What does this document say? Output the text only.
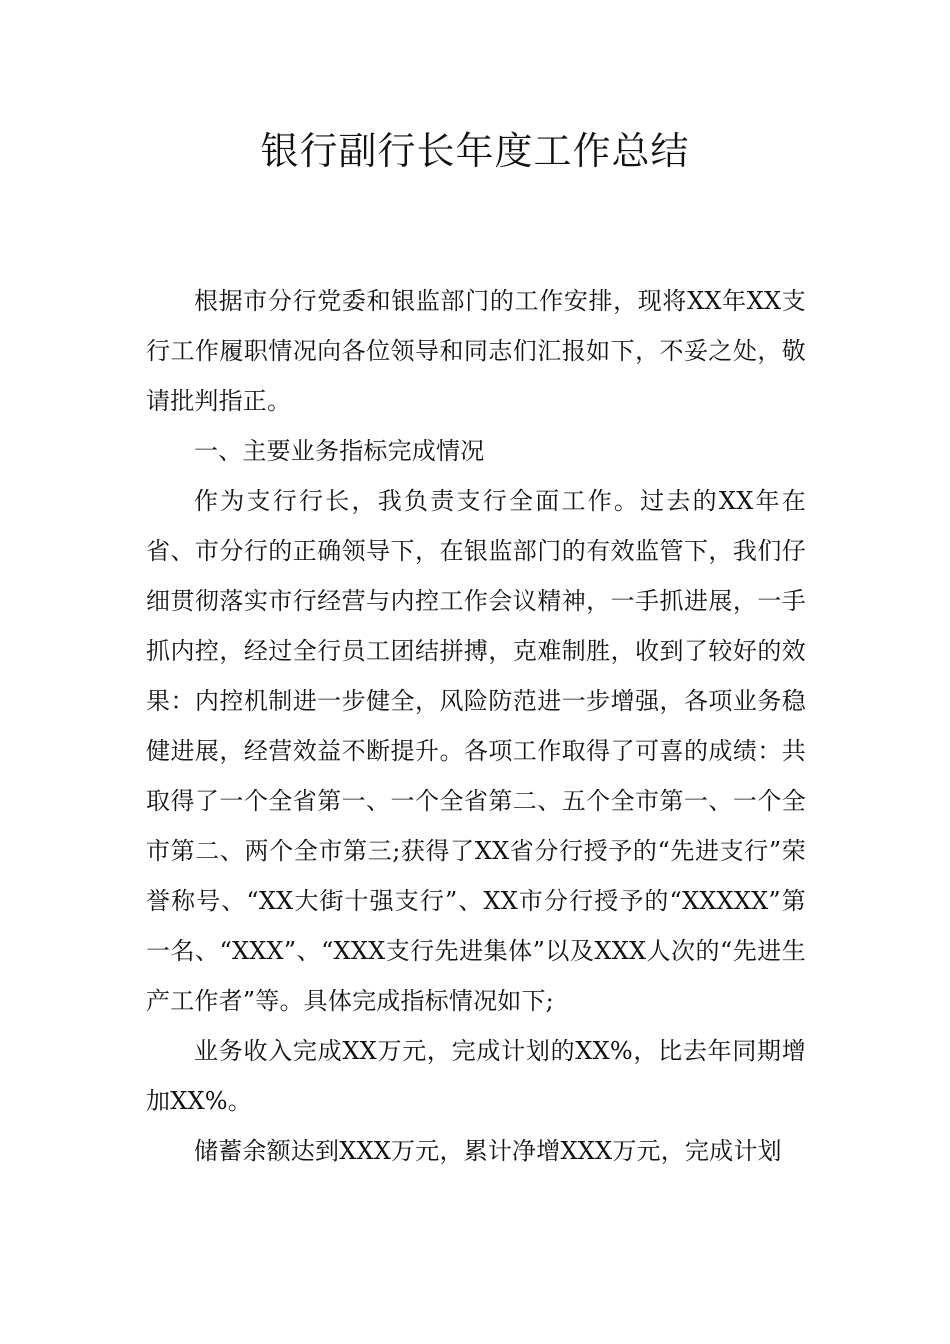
银行副行长年度工作总结

根据市分行党委和银监部门的工作安排，现将XX年XX支行工作履职情况向各位领导和同志们汇报如下，不妥之处，敬请批判指正。

一、主要业务指标完成情况

作为支行行长，我负责支行全面工作。过去的XX年在省、市分行的正确领导下，在银监部门的有效监管下，我们仔细贯彻落实市行经营与内控工作会议精神，一手抓进展，一手抓内控，经过全行员工团结拼搏，克难制胜，收到了较好的效果：内控机制进一步健全，风险防范进一步增强，各项业务稳健进展，经营效益不断提升。各项工作取得了可喜的成绩：共取得了一个全省第一、一个全省第二、五个全市第一、一个全市第二、两个全市第三;获得了XX省分行授予的“先进支行”荣誉称号、“XX大街十强支行”、XX市分行授予的“XXXXX”第一名、“XXX”、“XXX支行先进集体”以及XXX人次的“先进生产工作者”等。具体完成指标情况如下;

业务收入完成XX万元，完成计划的XX%，比去年同期增加XX%。

储蓄余额达到XXX万元，累计净增XXX万元，完成计划
